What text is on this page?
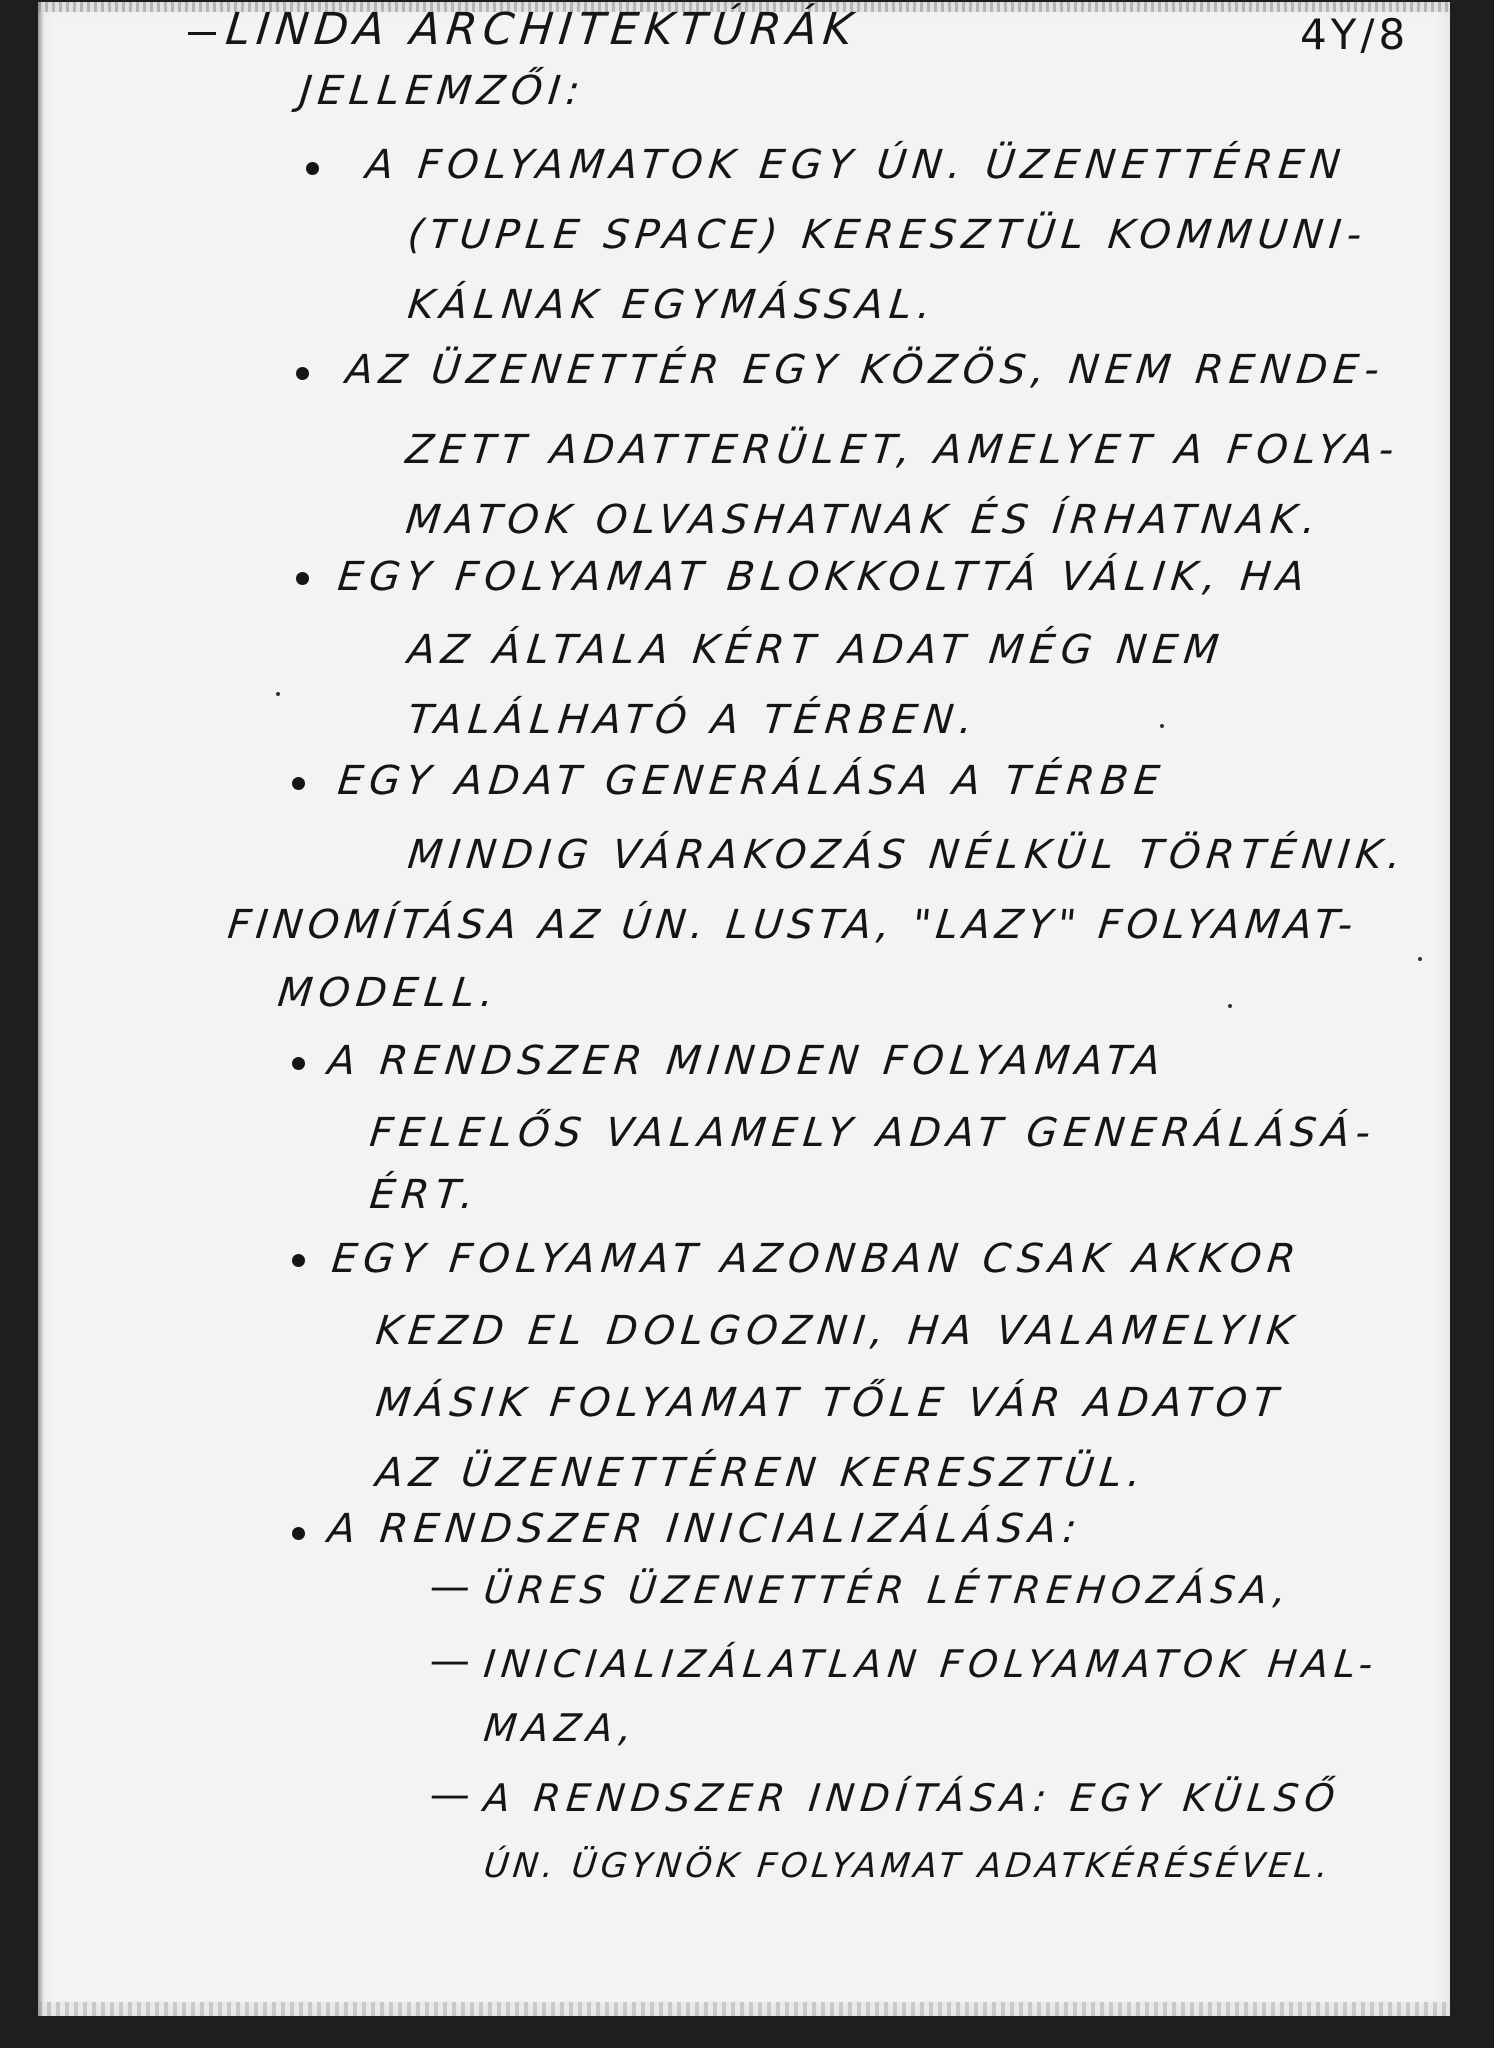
LINDA ARCHITEKTÚRÁK	4Y/8
JELLEMZŐI:
A FOLYAMATOK EGY ÚN. ÜZENETTÉREN
(TUPLE SPACE) KERESZTÜL KOMMUNI-
KÁLNAK EGYMÁSSAL.
AZ ÜZENETTÉR EGY KÖZÖS, NEM RENDE-
ZETT ADATTERÜLET, AMELYET A FOLYA-
MATOK OLVASHATNAK ÉS ÍRHATNAK.
EGY FOLYAMAT BLOKKOLTTÁ VÁLIK, HA
AZ ÁLTALA KÉRT ADAT MÉG NEM
TALÁLHATÓ A TÉRBEN.
EGY ADAT GENERÁLÁSA A TÉRBE
MINDIG VÁRAKOZÁS NÉLKÜL TÖRTÉNIK.
FINOMÍTÁSA AZ ÚN. LUSTA, "LAZY" FOLYAMAT-
MODELL.
A RENDSZER MINDEN FOLYAMATA
FELELŐS VALAMELY ADAT GENERÁLÁSÁ-
ÉRT.
EGY FOLYAMAT AZONBAN CSAK AKKOR
KEZD EL DOLGOZNI, HA VALAMELYIK
MÁSIK FOLYAMAT TŐLE VÁR ADATOT
AZ ÜZENETTÉREN KERESZTÜL.
A RENDSZER INICIALIZÁLÁSA:
— ÜRES ÜZENETTÉR LÉTREHOZÁSA,
— INICIALIZÁLATLAN FOLYAMATOK HAL-
MAZA,
— A RENDSZER INDÍTÁSA: EGY KÜLSŐ
ÚN. ÜGYNÖK FOLYAMAT ADATKÉRÉSÉVEL.
